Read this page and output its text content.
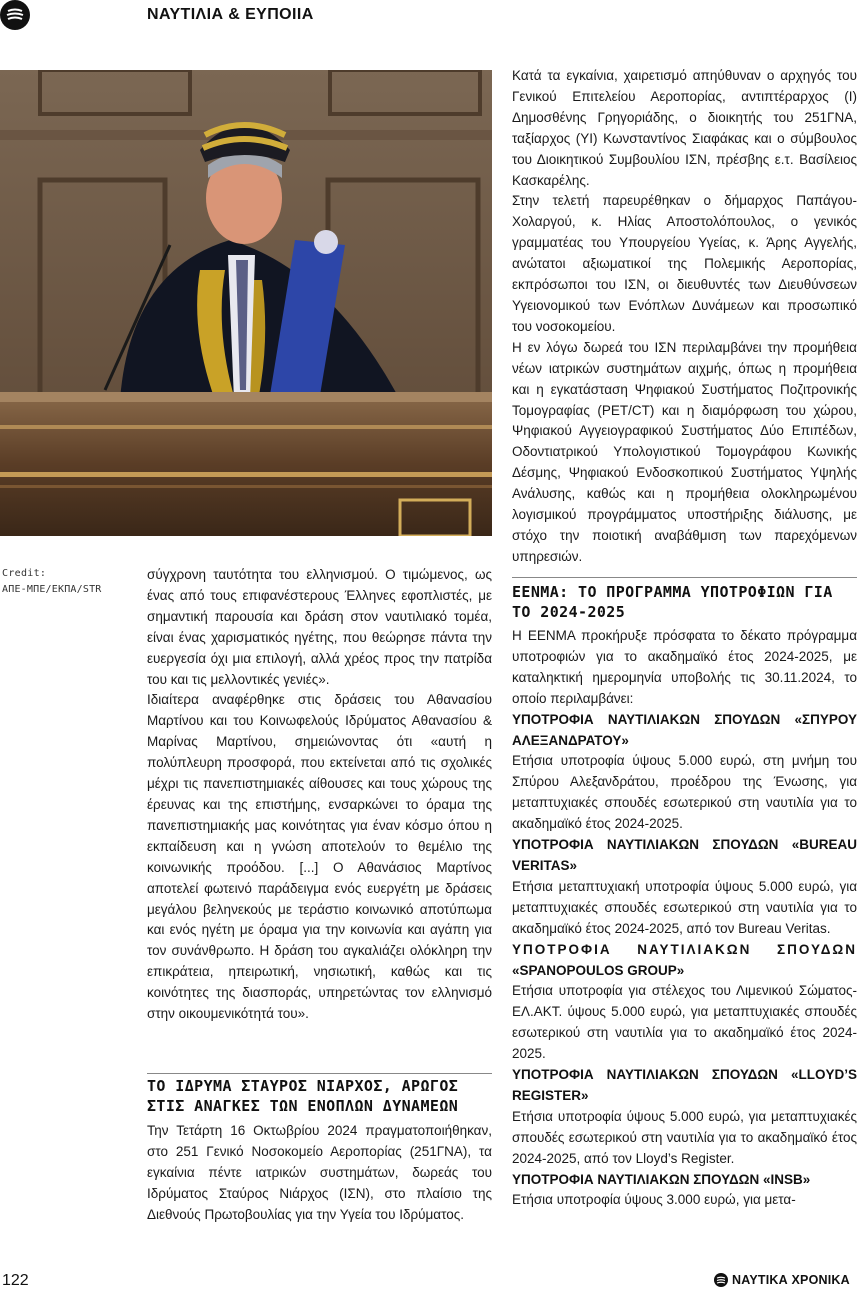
ΝΑΥΤΙΛΙΑ & ΕΥΠΟΙΙΑ
Credit:
ΑΠΕ-ΜΠΕ/ΕΚΠΑ/STR

σύγχρονη ταυτότητα του ελληνισμού. Ο τιμώμενος, ως ένας από τους επιφανέστερους Έλληνες εφοπλιστές, με σημαντική παρουσία και δράση στον ναυτιλιακό τομέα, είναι ένας χαρισματικός ηγέτης, που θεώρησε πάντα την ευεργεσία όχι μια επιλογή, αλλά χρέος προς την πατρίδα του και τις μελλοντικές γενιές».

Ιδιαίτερα αναφέρθηκε στις δράσεις του Αθανασίου Μαρτίνου και του Κοινωφελούς Ιδρύματος Αθανασίου & Μαρίνας Μαρτίνου, σημειώνοντας ότι «αυτή η πολύπλευρη προσφορά, που εκτείνεται από τις σχολικές μέχρι τις πανεπιστημιακές αίθουσες και τους χώρους της έρευνας και της επιστήμης, ενσαρκώνει το όραμα της πανεπιστημιακής μας κοινότητας για έναν κόσμο όπου η εκπαίδευση και η γνώση αποτελούν το θεμέλιο της κοινωνικής προόδου. [...] Ο Αθανάσιος Μαρτίνος αποτελεί φωτεινό παράδειγμα ενός ευεργέτη με δράσεις μεγάλου βεληνεκούς με τεράστιο κοινωνικό αποτύπωμα και ενός ηγέτη με όραμα για την κοινωνία και αγάπη για τον συνάνθρωπο. Η δράση του αγκαλιάζει ολόκληρη την επικράτεια, ηπειρωτική, νησιωτική, καθώς και τις κοινότητες της διασποράς, υπηρετώντας τον ελληνισμό στην οικουμενικότητά του».

ΤΟ ΙΔΡΥΜΑ ΣΤΑΥΡΟΣ ΝΙΑΡΧΟΣ, ΑΡΩΓΟΣ ΣΤΙΣ ΑΝΑΓΚΕΣ ΤΩΝ ΕΝΟΠΛΩΝ ΔΥΝΑΜΕΩΝ

Την Τετάρτη 16 Οκτωβρίου 2024 πραγματοποιήθηκαν, στο 251 Γενικό Νοσοκομείο Αεροπορίας (251ΓΝΑ), τα εγκαίνια πέντε ιατρικών συστημάτων, δωρεάς του Ιδρύματος Σταύρος Νιάρχος (ΙΣΝ), στο πλαίσιο της Διεθνούς Πρωτοβουλίας για την Υγεία του Ιδρύματος.

Κατά τα εγκαίνια, χαιρετισμό απηύθυναν ο αρχηγός του Γενικού Επιτελείου Αεροπορίας, αντιπτέραρχος (Ι) Δημοσθένης Γρηγοριάδης, ο διοικητής του 251ΓΝΑ, ταξίαρχος (ΥΙ) Κωνσταντίνος Σιαφάκας και ο σύμβουλος του Διοικητικού Συμβουλίου ΙΣΝ, πρέσβης ε.τ. Βασίλειος Κασκαρέλης.

Στην τελετή παρευρέθηκαν ο δήμαρχος Παπάγου-Χολαργού, κ. Ηλίας Αποστολόπουλος, ο γενικός γραμματέας του Υπουργείου Υγείας, κ. Άρης Αγγελής, ανώτατοι αξιωματικοί της Πολεμικής Αεροπορίας, εκπρόσωποι του ΙΣΝ, οι διευθυντές των Διευθύνσεων Υγειονομικού των Ενόπλων Δυνάμεων και προσωπικό του νοσοκομείου.

Η εν λόγω δωρεά του ΙΣΝ περιλαμβάνει την προμήθεια νέων ιατρικών συστημάτων αιχμής, όπως η προμήθεια και η εγκατάσταση Ψηφιακού Συστήματος Ποζιτρονικής Τομογραφίας (PET/CT) και η διαμόρφωση του χώρου, Ψηφιακού Αγγειογραφικού Συστήματος Δύο Επιπέδων, Οδοντιατρικού Υπολογιστικού Τομογράφου Κωνικής Δέσμης, Ψηφιακού Ενδοσκοπικού Συστήματος Υψηλής Ανάλυσης, καθώς και η προμήθεια ολοκληρωμένου λογισμικού προγράμματος υποστήριξης διάλυσης, με στόχο την ποιοτική αναβάθμιση των παρεχόμενων υπηρεσιών.

ΕΕΝΜΑ: ΤΟ ΠΡΟΓΡΑΜΜΑ ΥΠΟΤΡΟΦΙΩΝ ΓΙΑ ΤΟ 2024-2025

Η ΕΕΝΜΑ προκήρυξε πρόσφατα το δέκατο πρόγραμμα υποτροφιών για το ακαδημαϊκό έτος 2024-2025, με καταληκτική ημερομηνία υποβολής τις 30.11.2024, το οποίο περιλαμβάνει:

ΥΠΟΤΡΟΦΙΑ ΝΑΥΤΙΛΙΑΚΩΝ ΣΠΟΥΔΩΝ «ΣΠΥΡΟΥ ΑΛΕΞΑΝΔΡΑΤΟΥ»

Ετήσια υποτροφία ύψους 5.000 ευρώ, στη μνήμη του Σπύρου Αλεξανδράτου, προέδρου της Ένωσης, για μεταπτυχιακές σπουδές εσωτερικού στη ναυτιλία για το ακαδημαϊκό έτος 2024-2025.

ΥΠΟΤΡΟΦΙΑ ΝΑΥΤΙΛΙΑΚΩΝ ΣΠΟΥΔΩΝ «BUREAU VERITAS»

Ετήσια μεταπτυχιακή υποτροφία ύψους 5.000 ευρώ, για μεταπτυχιακές σπουδές εσωτερικού στη ναυτιλία για το ακαδημαϊκό έτος 2024-2025, από τον Bureau Veritas.

ΥΠΟΤΡΟΦΙΑ ΝΑΥΤΙΛΙΑΚΩΝ ΣΠΟΥΔΩΝ

«SPANOPOULOS GROUP»

Ετήσια υποτροφία για στέλεχος του Λιμενικού Σώματος-ΕΛ.ΑΚΤ. ύψους 5.000 ευρώ, για μεταπτυχιακές σπουδές εσωτερικού στη ναυτιλία για το ακαδημαϊκό έτος 2024-2025.

ΥΠΟΤΡΟΦΙΑ ΝΑΥΤΙΛΙΑΚΩΝ ΣΠΟΥΔΩΝ «LLOYD’S REGISTER»

Ετήσια υποτροφία ύψους 5.000 ευρώ, για μεταπτυχιακές σπουδές εσωτερικού στη ναυτιλία για το ακαδημαϊκό έτος 2024-2025, από τον Lloyd’s Register.

ΥΠΟΤΡΟΦΙΑ ΝΑΥΤΙΛΙΑΚΩΝ ΣΠΟΥΔΩΝ «INSB»

Ετήσια υποτροφία ύψους 3.000 ευρώ, για μετα-

122	ΝΑΥΤΙΚΑ ΧΡΟΝΙΚΑ
